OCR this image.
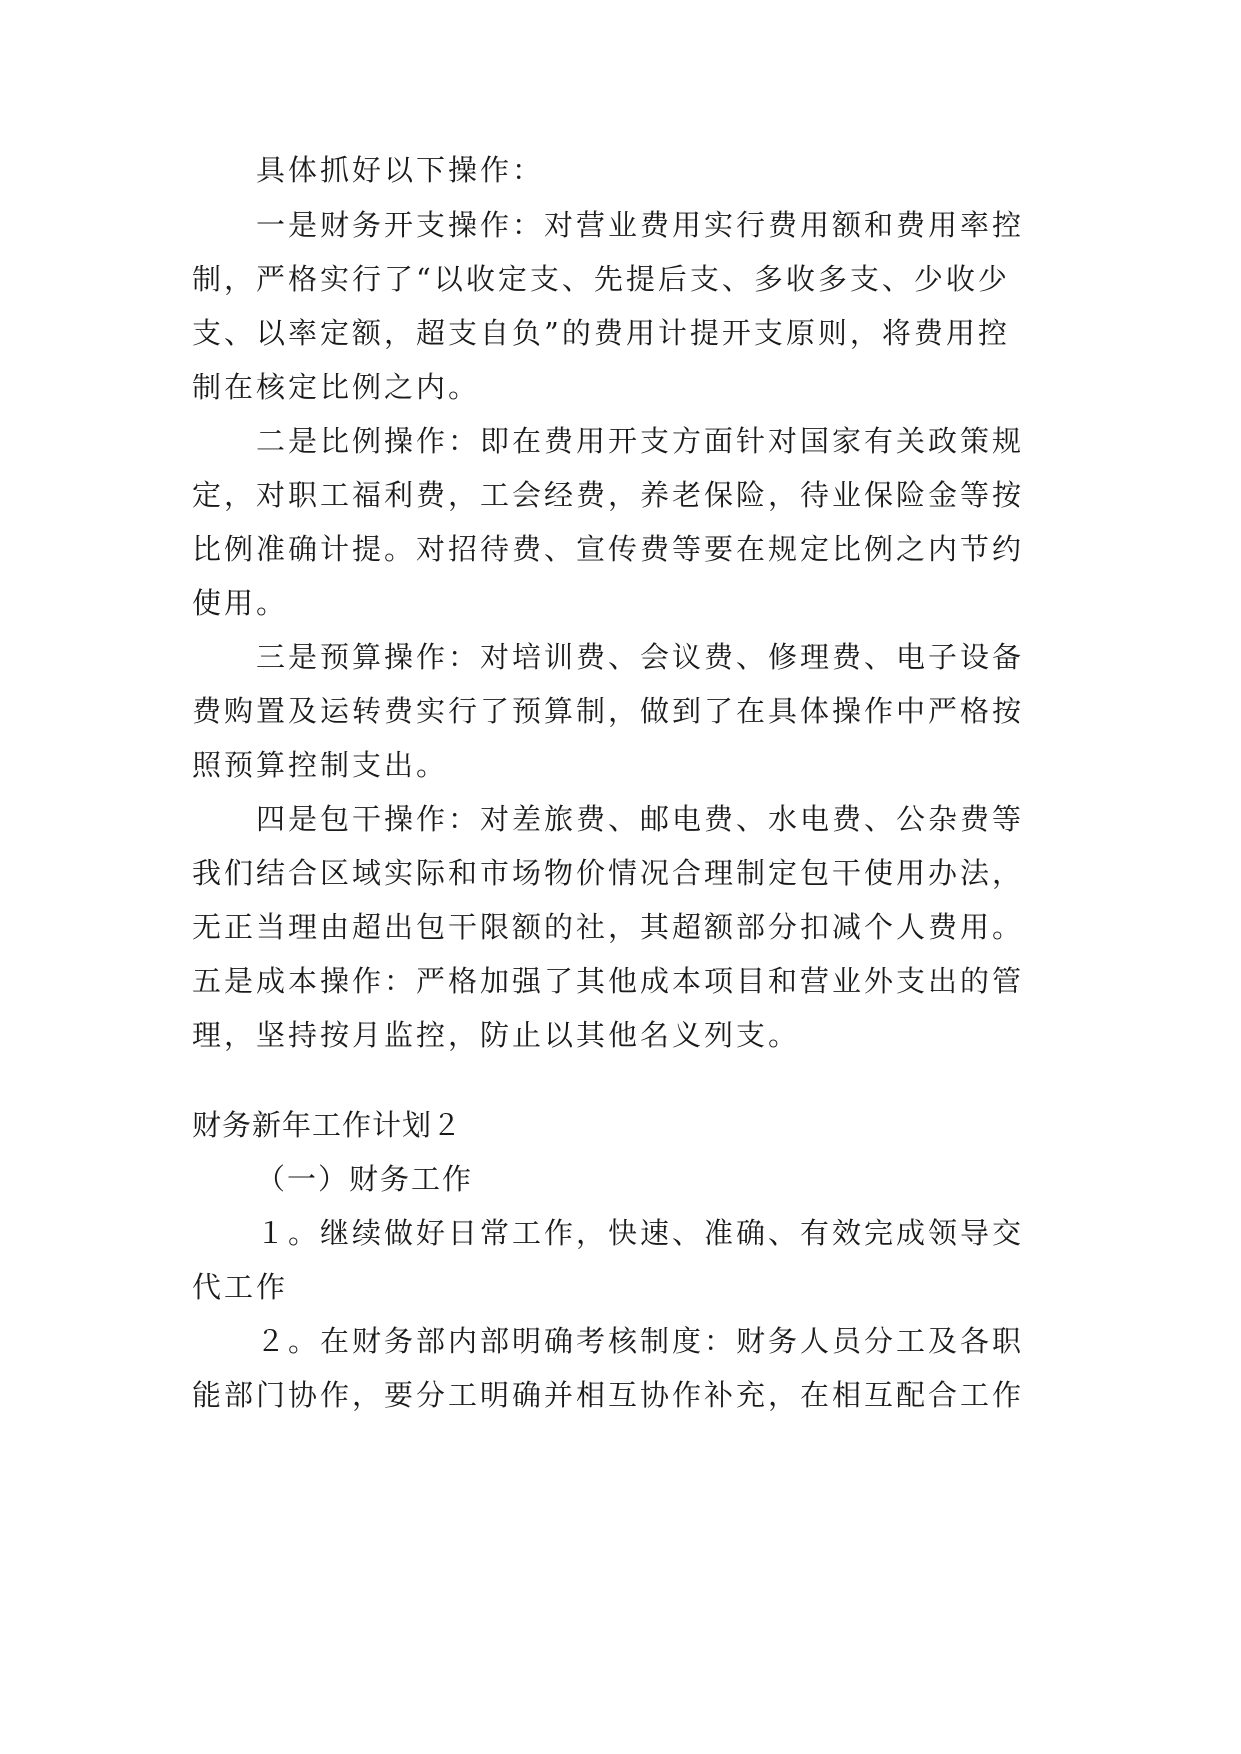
具体抓好以下操作：
一是财务开支操作：对营业费用实行费用额和费用率控
制，严格实行了“以收定支、先提后支、多收多支、少收少
支、以率定额，超支自负”的费用计提开支原则，将费用控
制在核定比例之内。
二是比例操作：即在费用开支方面针对国家有关政策规
定，对职工福利费，工会经费，养老保险，待业保险金等按
比例准确计提。对招待费、宣传费等要在规定比例之内节约
使用。
三是预算操作：对培训费、会议费、修理费、电子设备
费购置及运转费实行了预算制，做到了在具体操作中严格按
照预算控制支出。
四是包干操作：对差旅费、邮电费、水电费、公杂费等
我们结合区域实际和市场物价情况合理制定包干使用办法，
无正当理由超出包干限额的社，其超额部分扣减个人费用。
五是成本操作：严格加强了其他成本项目和营业外支出的管
理，坚持按月监控，防止以其他名义列支。
财务新年工作计划２
（一）财务工作
１。继续做好日常工作，快速、准确、有效完成领导交
代工作
２。在财务部内部明确考核制度：财务人员分工及各职
能部门协作，要分工明确并相互协作补充，在相互配合工作
